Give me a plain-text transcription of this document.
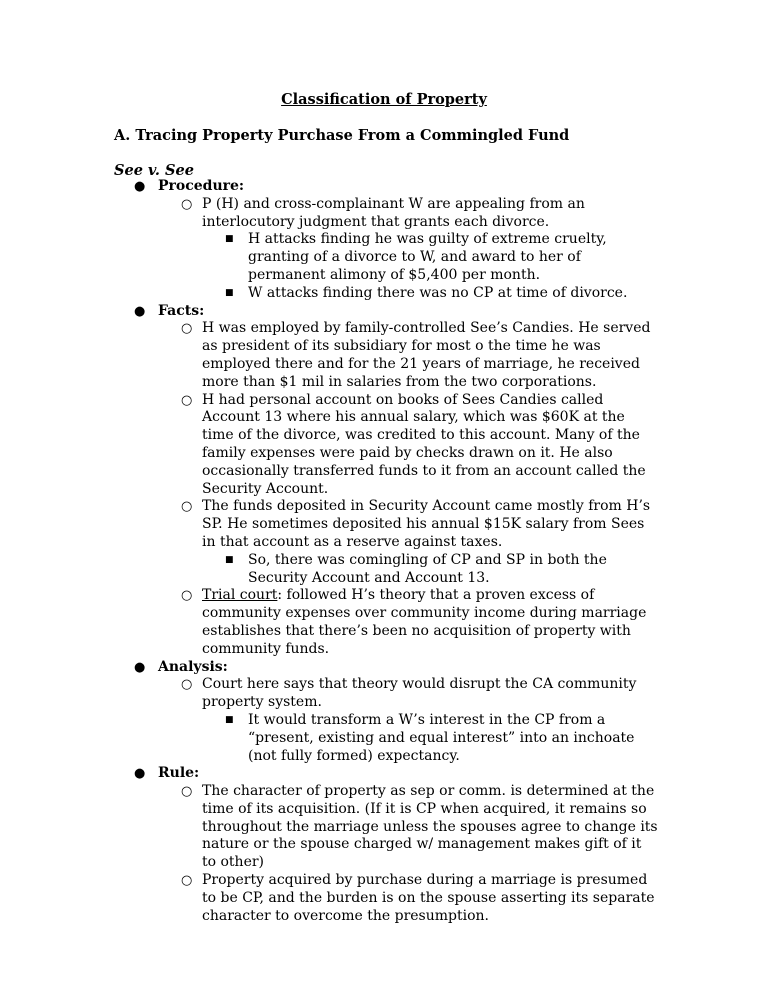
Classification of Property
A. Tracing Property Purchase From a Commingled Fund
See v. See
● Procedure:
○ P (H) and cross-complainant W are appealing from an interlocutory judgment that grants each divorce.
■ H attacks finding he was guilty of extreme cruelty, granting of a divorce to W, and award to her of permanent alimony of $5,400 per month.
■ W attacks finding there was no CP at time of divorce.
● Facts:
○ H was employed by family-controlled See’s Candies. He served as president of its subsidiary for most o the time he was employed there and for the 21 years of marriage, he received more than $1 mil in salaries from the two corporations.
○ H had personal account on books of Sees Candies called Account 13 where his annual salary, which was $60K at the time of the divorce, was credited to this account. Many of the family expenses were paid by checks drawn on it. He also occasionally transferred funds to it from an account called the Security Account.
○ The funds deposited in Security Account came mostly from H’s SP. He sometimes deposited his annual $15K salary from Sees in that account as a reserve against taxes.
■ So, there was comingling of CP and SP in both the Security Account and Account 13.
○ Trial court: followed H’s theory that a proven excess of community expenses over community income during marriage establishes that there’s been no acquisition of property with community funds.
● Analysis:
○ Court here says that theory would disrupt the CA community property system.
■ It would transform a W’s interest in the CP from a “present, existing and equal interest” into an inchoate (not fully formed) expectancy.
● Rule:
○ The character of property as sep or comm. is determined at the time of its acquisition. (If it is CP when acquired, it remains so throughout the marriage unless the spouses agree to change its nature or the spouse charged w/ management makes gift of it to other)
○ Property acquired by purchase during a marriage is presumed to be CP, and the burden is on the spouse asserting its separate character to overcome the presumption.
